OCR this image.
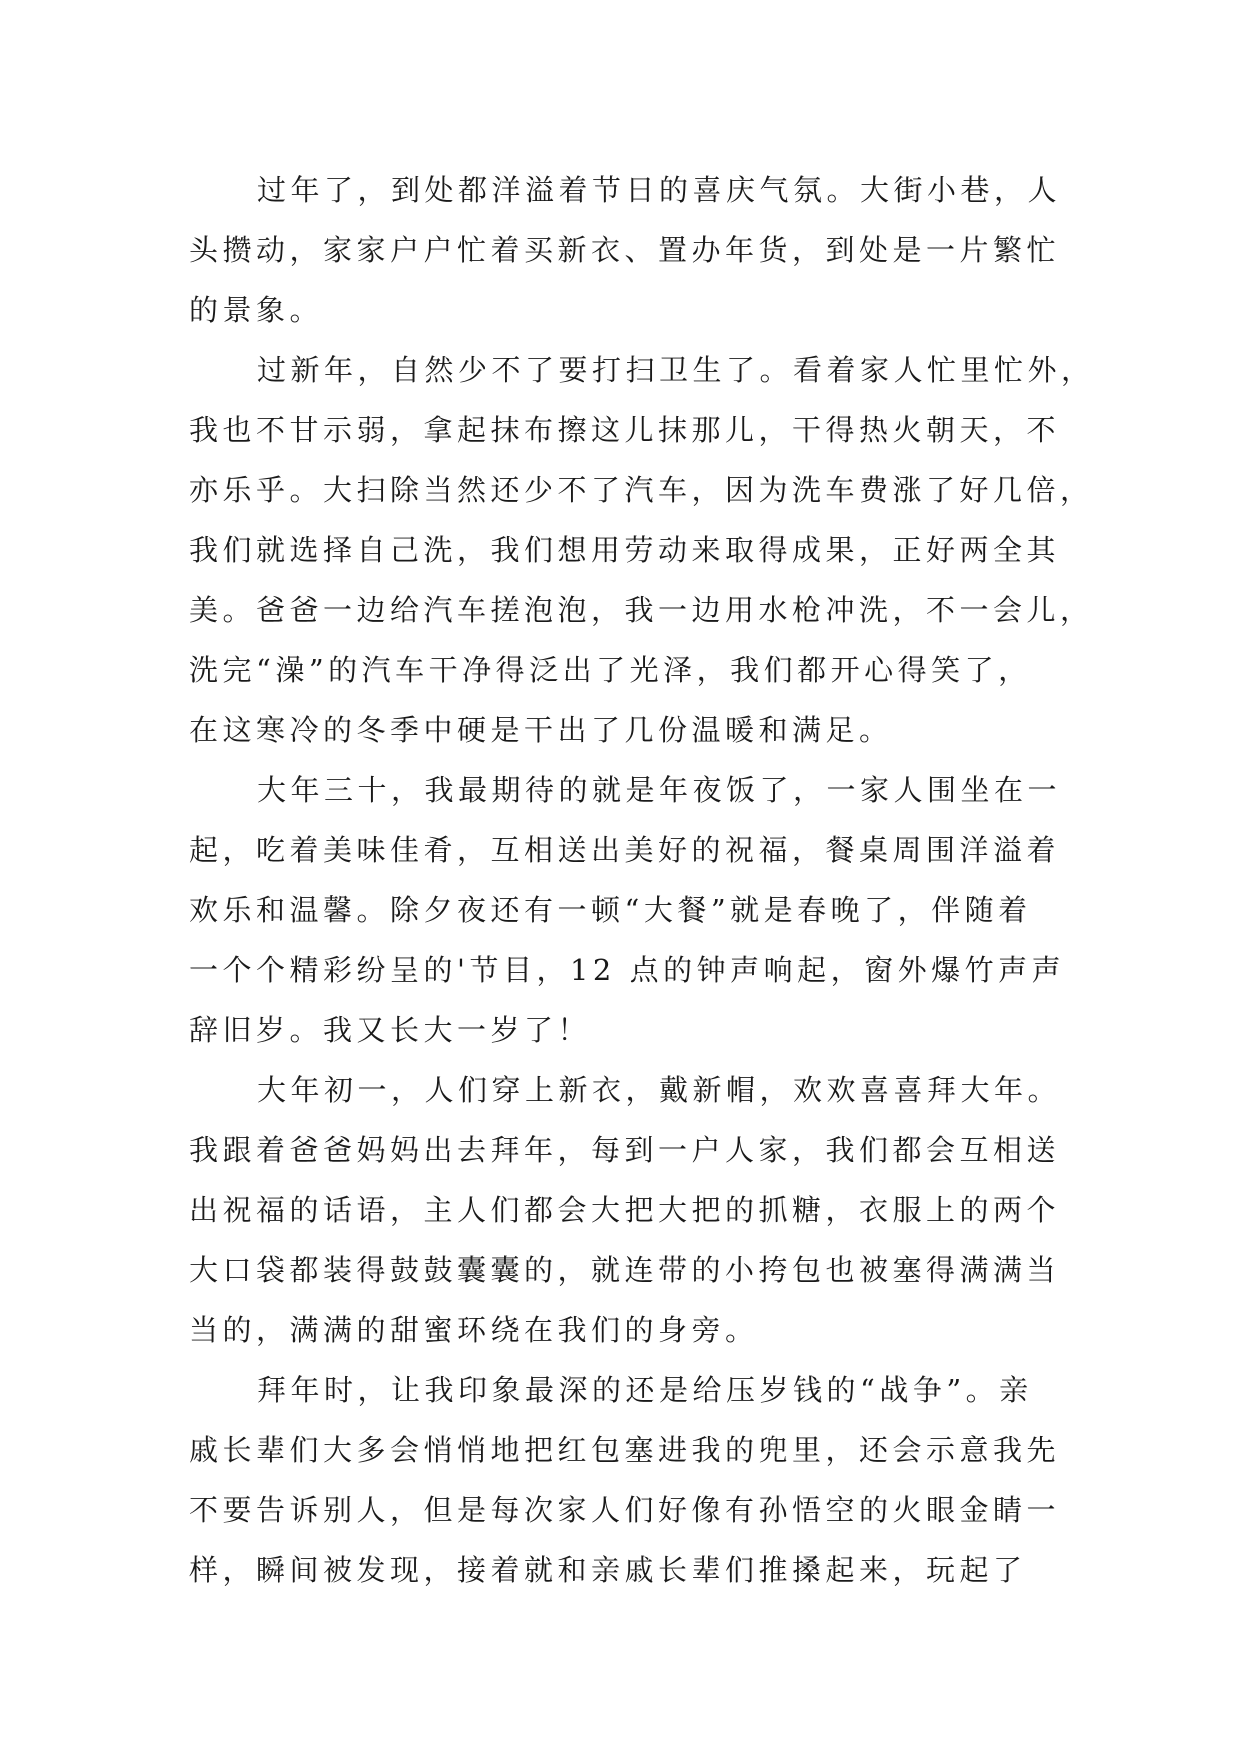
过年了，到处都洋溢着节日的喜庆气氛。大街小巷，人
头攒动，家家户户忙着买新衣、置办年货，到处是一片繁忙
的景象。
过新年，自然少不了要打扫卫生了。看着家人忙里忙外，
我也不甘示弱，拿起抹布擦这儿抹那儿，干得热火朝天，不
亦乐乎。大扫除当然还少不了汽车，因为洗车费涨了好几倍，
我们就选择自己洗，我们想用劳动来取得成果，正好两全其
美。爸爸一边给汽车搓泡泡，我一边用水枪冲洗，不一会儿，
洗完“澡”的汽车干净得泛出了光泽，我们都开心得笑了，
在这寒冷的冬季中硬是干出了几份温暖和满足。
大年三十，我最期待的就是年夜饭了，一家人围坐在一
起，吃着美味佳肴，互相送出美好的祝福，餐桌周围洋溢着
欢乐和温馨。除夕夜还有一顿“大餐”就是春晚了，伴随着
一个个精彩纷呈的'节目，12 点的钟声响起，窗外爆竹声声
辞旧岁。我又长大一岁了！
大年初一，人们穿上新衣，戴新帽，欢欢喜喜拜大年。
我跟着爸爸妈妈出去拜年，每到一户人家，我们都会互相送
出祝福的话语，主人们都会大把大把的抓糖，衣服上的两个
大口袋都装得鼓鼓囊囊的，就连带的小挎包也被塞得满满当
当的，满满的甜蜜环绕在我们的身旁。
拜年时，让我印象最深的还是给压岁钱的“战争”。亲
戚长辈们大多会悄悄地把红包塞进我的兜里，还会示意我先
不要告诉别人，但是每次家人们好像有孙悟空的火眼金睛一
样，瞬间被发现，接着就和亲戚长辈们推搡起来，玩起了
